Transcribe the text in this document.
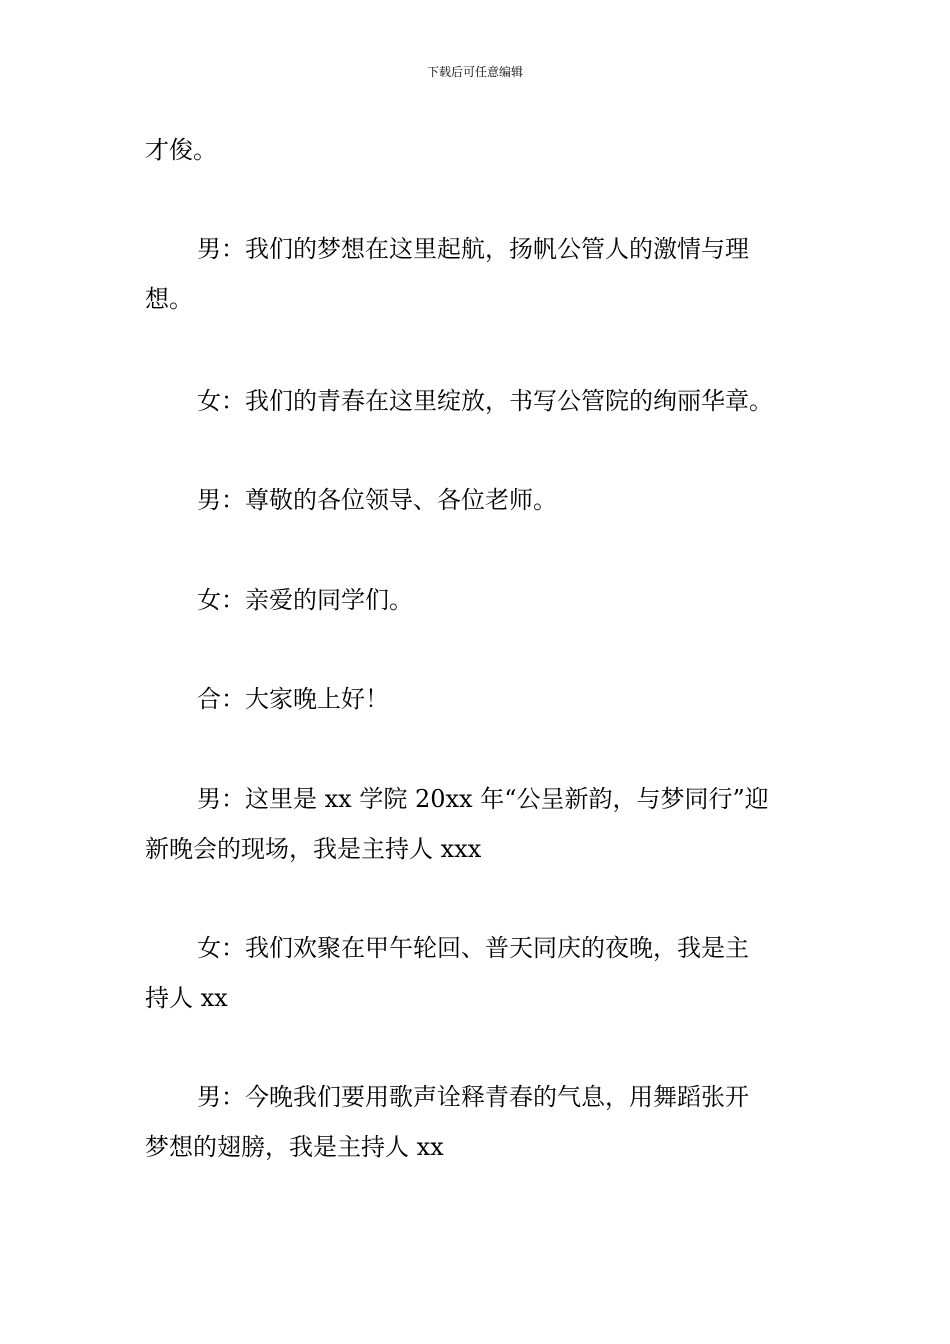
下载后可任意编辑
才俊。
男：我们的梦想在这里起航，扬帆公管人的激情与理
想。
女：我们的青春在这里绽放，书写公管院的绚丽华章。
男：尊敬的各位领导、各位老师。
女：亲爱的同学们。
合：大家晚上好！
男：这里是 xx 学院 20xx 年“公呈新韵，与梦同行”迎
新晚会的现场，我是主持人 xxx
女：我们欢聚在甲午轮回、普天同庆的夜晚，我是主
持人 xx
男：今晚我们要用歌声诠释青春的气息，用舞蹈张开
梦想的翅膀，我是主持人 xx
